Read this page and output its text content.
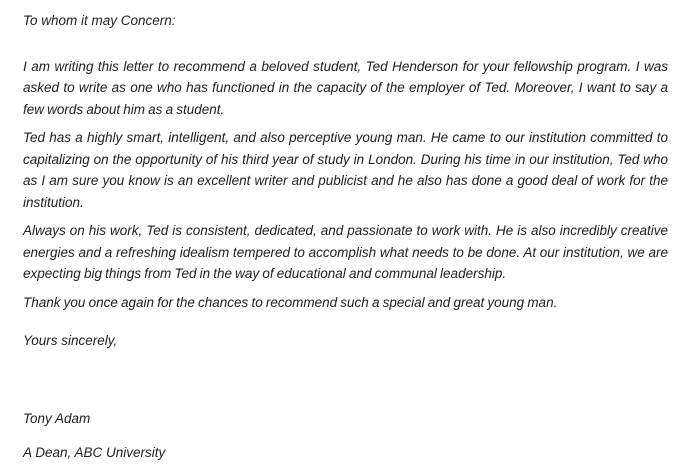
To whom it may Concern:

I am writing this letter to recommend a beloved student, Ted Henderson for your fellowship program. I was asked to write as one who has functioned in the capacity of the employer of Ted. Moreover, I want to say a few words about him as a student.

Ted has a highly smart, intelligent, and also perceptive young man. He came to our institution committed to capitalizing on the opportunity of his third year of study in London. During his time in our institution, Ted who as I am sure you know is an excellent writer and publicist and he also has done a good deal of work for the institution.

Always on his work, Ted is consistent, dedicated, and passionate to work with. He is also incredibly creative energies and a refreshing idealism tempered to accomplish what needs to be done. At our institution, we are expecting big things from Ted in the way of educational and communal leadership.

Thank you once again for the chances to recommend such a special and great young man.

Yours sincerely,

Tony Adam

A Dean, ABC University
